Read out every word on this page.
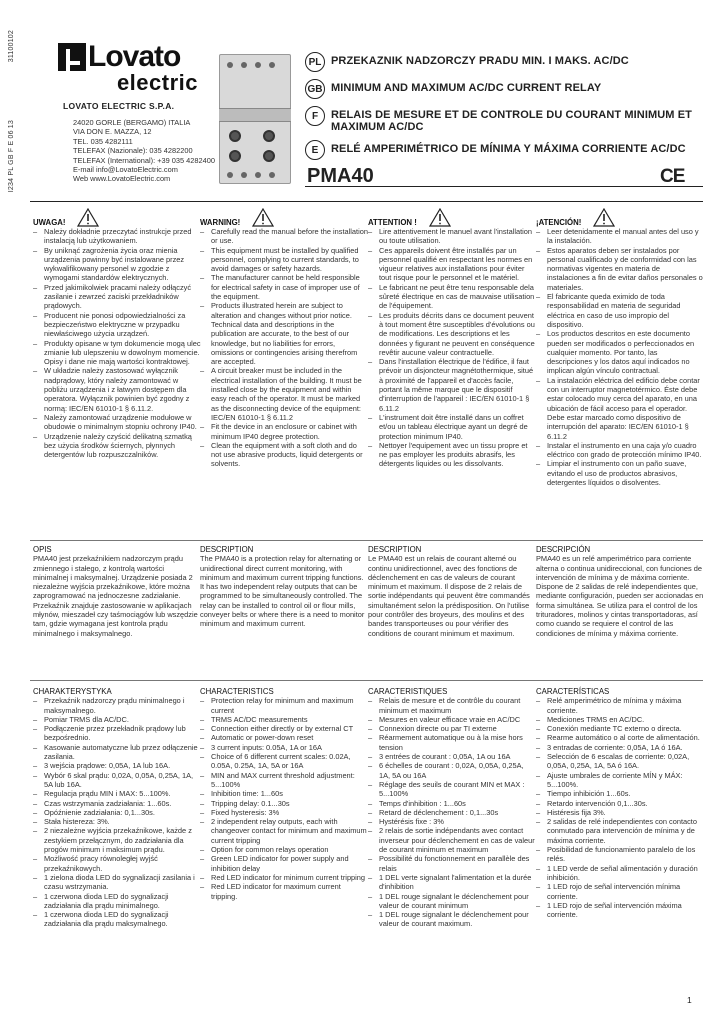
31100102
I234 PL GB F E 06 13
Lovato
electric
LOVATO ELECTRIC S.P.A.
24020 GORLE (BERGAMO) ITALIA
VIA DON E. MAZZA, 12
TEL. 035 4282111
TELEFAX (Nazionale): 035 4282200
TELEFAX (International): +39 035 4282400
E-mail info@LovatoElectric.com
Web www.LovatoElectric.com
PL PRZEKAZNIK NADZORCZY PRADU MIN. I MAKS. AC/DC
GB MINIMUM AND MAXIMUM AC/DC CURRENT RELAY
F	RELAIS DE MESURE ET DE CONTROLE DU COURANT MINIMUM ET MAXIMUM AC/DC
E	RELÉ AMPERIMÉTRICO DE MÍNIMA Y MÁXIMA CORRIENTE AC/DC
PMA40	CE
UWAGA!
– Należy dokładnie przeczytać instrukcje przed instalacją lub użytkowaniem.
– By uniknąć zagrożenia życia oraz mienia urządzenia powinny być instalowane przez wykwalifikowany personel w zgodzie z wymogami standardów elektrycznych.
– Przed jakimikolwiek pracami należy odłączyć zasilanie i zewrzeć zaciski przekładników prądowych.
– Producent nie ponosi odpowiedzialności za bezpieczeństwo elektryczne w przypadku niewłaściwego użycia urządzeń.
– Produkty opisane w tym dokumencie mogą ulec zmianie lub ulepszeniu w dowolnym momencie. Opisy i dane nie mają wartości kontraktowej.
– W układzie należy zastosować wyłącznik nadprądowy, który należy zamontować w pobliżu urządzenia i z łatwym dostępem dla operatora. Wyłącznik powinien być zgodny z normą: IEC/EN 61010-1 § 6.11.2.
– Należy zamontować urządzenie modułowe w obudowie o minimalnym stopniu ochrony IP40.
– Urządzenie należy czyścić delikatną szmatką bez użycia środków ściernych, płynnych detergentów lub rozpuszczalników.
WARNING!
– Carefully read the manual before the installation or use.
– This equipment must be installed by qualified personnel, complying to current standards, to avoid damages or safety hazards.
– The manufacturer cannot be held responsible for electrical safety in case of improper use of the equipment.
– Products illustrated herein are subject to alteration and changes without prior notice. Technical data and descriptions in the publication are accurate, to the best of our knowledge, but no liabilities for errors, omissions or contingencies arising therefrom are accepted.
– A circuit breaker must be included in the electrical installation of the building. It must be installed close by the equipment and within easy reach of the operator. It must be marked as the disconnecting device of the equipment: IEC/EN 61010-1 § 6.11.2
– Fit the device in an enclosure or cabinet with minimum IP40 degree protection.
– Clean the equipment with a soft cloth and do not use abrasive products, liquid detergents or solvents.
ATTENTION !
– Lire attentivement le manuel avant l'installation ou toute utilisation.
– Ces appareils doivent être installés par un personnel qualifié en respectant les normes en vigueur relatives aux installations pour éviter tout risque pour le personnel et le matériel.
– Le fabricant ne peut être tenu responsable dela sûreté électrique en cas de mauvaise utilisation de l'équipement.
– Les produits décrits dans ce document peuvent à tout moment être susceptibles d'évolutions ou de modifications. Les descriptions et les données y figurant ne peuvent en conséquence revêtir aucune valeur contractuelle.
– Dans l'installation électrique de l'édifice, il faut prévoir un disjoncteur magnétothermique, situé à proximité de l'appareil et d'accès facile, portant la même marque que le dispositif d'interruption de l'appareil : IEC/EN 61010-1 § 6.11.2
– L'instrument doit être installé dans un coffret et/ou un tableau électrique ayant un degré de protection minimum IP40.
– Nettoyer l'equipement avec un tissu propre et ne pas employer les produits abrasifs, les détergents liquides ou les dissolvants.
¡ATENCIÓN!
– Leer detenidamente el manual antes del uso y la instalación.
– Estos aparatos deben ser instalados por personal cualificado y de conformidad con las normativas vigentes en materia de instalaciones a fin de evitar daños personales o materiales.
– El fabricante queda eximido de toda responsabilidad en materia de seguridad eléctrica en caso de uso impropio del dispositivo.
– Los productos descritos en este documento pueden ser modificados o perfeccionados en cualquier momento. Por tanto, las descripciones y los datos aquí indicados no implican algún vínculo contractual.
– La instalación eléctrica del edificio debe contar con un interruptor magnetotérmico. Éste debe estar colocado muy cerca del aparato, en una ubicación de fácil acceso para el operador. Debe estar marcado como dispositivo de interrupción del aparato: IEC/EN 61010-1 § 6.11.2
– Instalar el instrumento en una caja y/o cuadro eléctrico con grado de protección mínimo IP40.
– Limpiar el instrumento con un paño suave, evitando el uso de productos abrasivos, detergentes líquidos o disolventes.
OPIS
PMA40 jest przekaźnikiem nadzorczym prądu zmiennego i stałego, z kontrolą wartości minimalnej i maksymalnej. Urządzenie posiada 2 niezależne wyjścia przekaźnikowe, które można zaprogramować na jednoczesne zadziałanie. Przekaźnik znajduje zastosowanie w aplikacjach młynów, mieszadeł czy taśmociągów lub wszędzie tam, gdzie wymagana jest kontrola prądu minimalnego i maksymalnego.
DESCRIPTION
The PMA40 is a protection relay for alternating or unidirectional direct current monitoring, with minimum and maximum current tripping functions. It has two independent relay outputs that can be programmed to be simultaneously controlled. The relay can be installed to control oil or flour mills, conveyer belts or where there is a need to monitor minimum and maximum current.
DESCRIPTION
Le PMA40 est un relais de courant alterné ou continu unidirectionnel, avec des fonctions de déclenchement en cas de valeurs de courant minimum et maximum. Il dispose de 2 relais de sortie indépendants qui peuvent être commandés simultanément selon la prédisposition. On l'utilise pour contrôler des broyeurs, des moulins et des bandes transporteuses ou pour vérifier des conditions de courant minimum et maximum.
DESCRIPCIÓN
PMA40 es un relé amperimétrico para corriente alterna o continua unidireccional, con funciones de intervención de mínima y de máxima corriente. Dispone de 2 salidas de relé independientes que, mediante configuración, pueden ser accionadas en forma simultánea. Se utiliza para el control de los trituradores, molinos y cintas transportadoras, así como cuando se requiere el control de las condiciones de mínima y máxima corriente.
CHARAKTERYSTYKA
– Przekaźnik nadzorczy prądu minimalnego i maksymalnego.
– Pomiar TRMS dla AC/DC.
– Podłączenie przez przekładnik prądowy lub bezpośrednio.
– Kasowanie automatyczne lub przez odłączenie zasilania.
– 3 wejścia prądowe: 0,05A, 1A lub 16A.
– Wybór 6 skal prądu: 0,02A, 0,05A, 0,25A, 1A, 5A lub 16A.
– Regulacja prądu MIN i MAX: 5...100%.
– Czas wstrzymania zadziałania: 1...60s.
– Opóźnienie zadziałania: 0,1...30s.
– Stała histereza: 3%.
– 2 niezależne wyjścia przekaźnikowe, każde z zestykiem przełącznym, do zadziałania dla progów minimum i maksimum prądu.
– Możliwość pracy równoległej wyjść przekaźnikowych.
– 1 zielona dioda LED do sygnalizacji zasilania i czasu wstrzymania.
– 1 czerwona dioda LED do sygnalizacji zadziałania dla prądu minimalnego.
– 1 czerwona dioda LED do sygnalizacji zadziałania dla prądu maksymalnego.
CHARACTERISTICS
– Protection relay for minimum and maximum current
– TRMS AC/DC measurements
– Connection either directly or by external CT
– Automatic or power-down reset
– 3 current inputs: 0.05A, 1A or 16A
– Choice of 6 different current scales: 0.02A, 0.05A, 0.25A, 1A, 5A or 16A
– MIN and MAX current threshold adjustment: 5...100%
– Inhibition time: 1...60s
– Tripping delay: 0.1...30s
– Fixed hysteresis: 3%
– 2 independent relay outputs, each with changeover contact for minimum and maximum current tripping
– Option for common relays operation
– Green LED indicator for power supply and inhibition delay
– Red LED indicator for minimum current tripping
– Red LED indicator for maximum current tripping.
CARACTERISTIQUES
– Relais de mesure et de contrôle du courant minimum et maximum
– Mesures en valeur efficace vraie en AC/DC
– Connexion directe ou par TI externe
– Réarmement automatique ou à la mise hors tension
– 3 entrées de courant : 0,05A, 1A ou 16A
– 6 échelles de courant : 0,02A, 0,05A, 0,25A, 1A, 5A ou 16A
– Réglage des seuils de courant MIN et MAX : 5...100%
– Temps d'inhibition : 1...60s
– Retard de déclenchement : 0,1...30s
– Hystérésis fixe : 3%
– 2 relais de sortie indépendants avec contact inverseur pour déclenchement en cas de valeur de courant minimum et maximum
– Possibilité du fonctionnement en parallèle des relais
– 1 DEL verte signalant l'alimentation et la durée d'inhibition
– 1 DEL rouge signalant le déclenchement pour valeur de courant minimum
– 1 DEL rouge signalant le déclenchement pour valeur de courant maximum.
CARACTERÍSTICAS
– Relé amperimétrico de mínima y máxima corriente.
– Mediciones TRMS en AC/DC.
– Conexión mediante TC externo o directa.
– Rearme automático o al corte de alimentación.
– 3 entradas de corriente: 0,05A, 1A ó 16A.
– Selección de 6 escalas de corriente: 0,02A, 0,05A, 0,25A, 1A, 5A ó 16A.
– Ajuste umbrales de corriente MÍN y MÁX: 5...100%.
– Tiempo inhibición 1...60s.
– Retardo intervención 0,1...30s.
– Histéresis fija 3%.
– 2 salidas de relé independientes con contacto conmutado para intervención de mínima y de máxima corriente.
– Posibilidad de funcionamiento paralelo de los relés.
– 1 LED verde de señal alimentación y duración inhibición.
– 1 LED rojo de señal intervención mínima corriente.
– 1 LED rojo de señal intervención máxima corriente.
1
